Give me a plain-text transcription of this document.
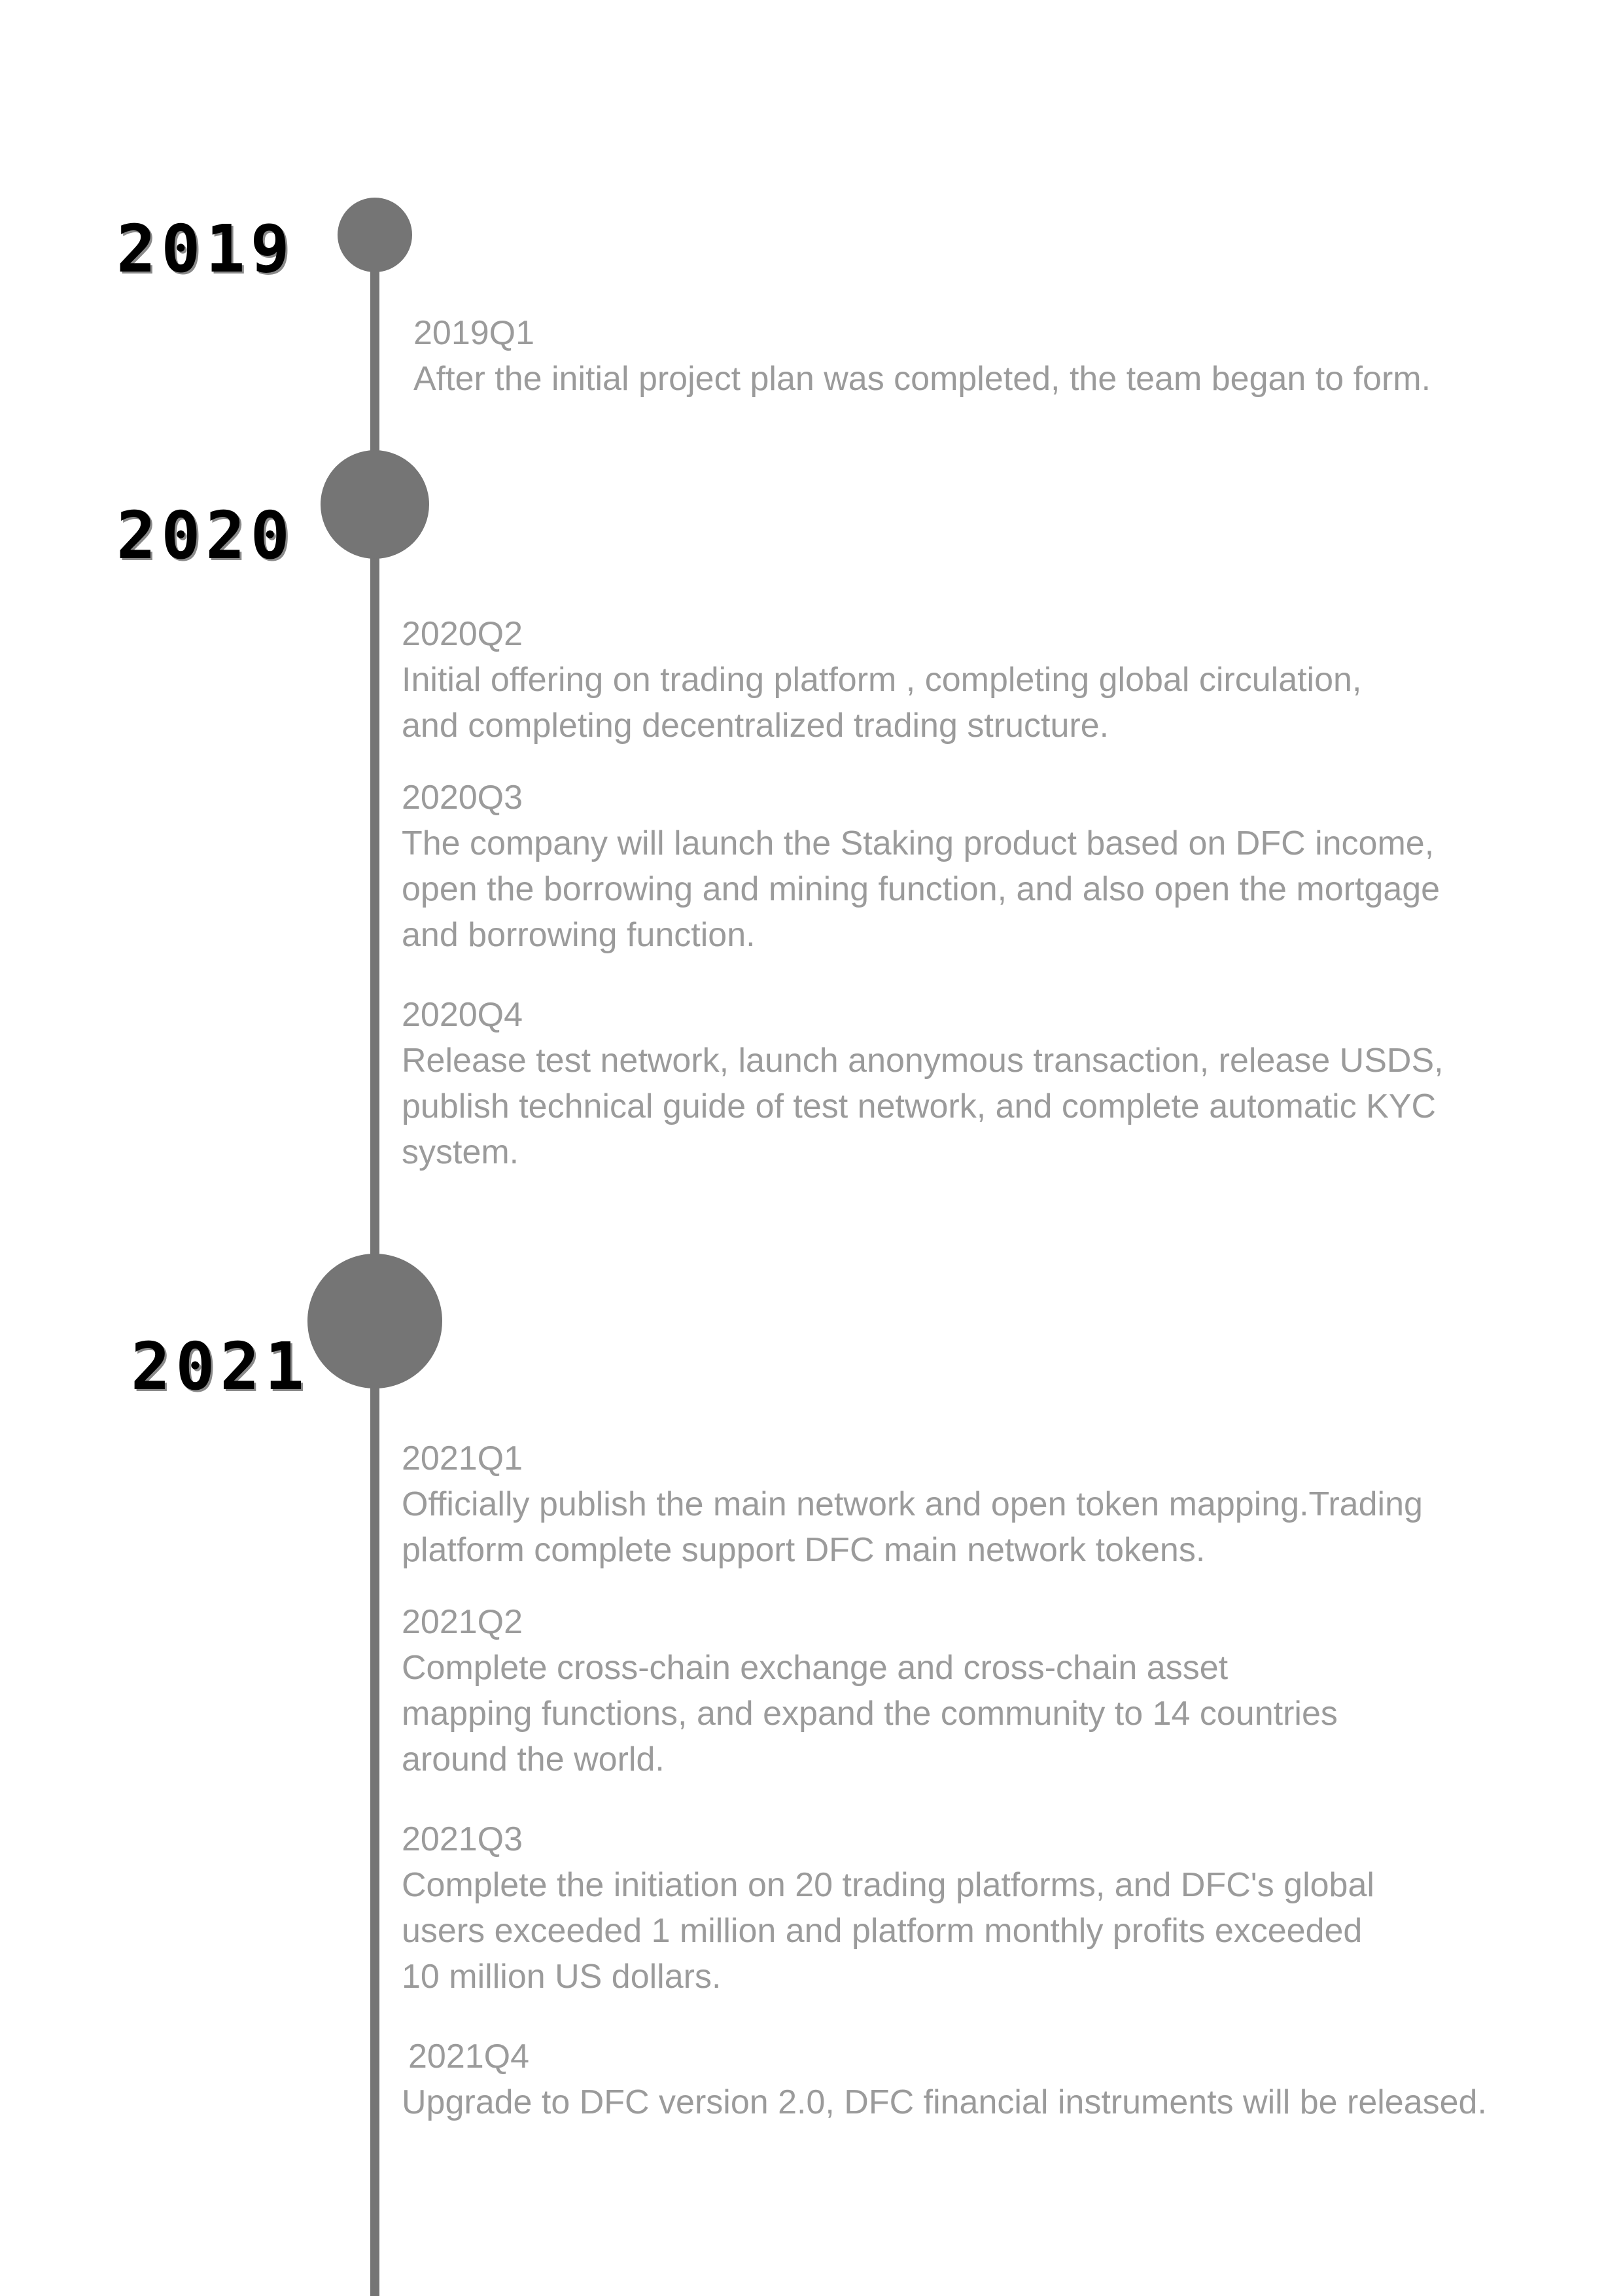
2019

2019Q1

After the initial project plan was completed, the team began to form.

2020

2020Q2

Initial offering on trading platform , completing global circulation,
and completing decentralized trading structure.

2020Q3

The company will launch the Staking product based on DFC income,
open the borrowing and mining function, and also open the mortgage
and borrowing function.

2020Q4

Release test network, launch anonymous transaction, release USDS,
publish technical guide of test network, and complete automatic KYC
system.

2021

2021Q1

Officially publish the main network and open token mapping.Trading
platform complete support DFC main network tokens.

2021Q2

Complete cross-chain exchange and cross-chain asset
mapping functions, and expand the community to 14 countries
around the world.

2021Q3

Complete the initiation on 20 trading platforms, and DFC's global
users exceeded 1 million and platform monthly profits exceeded
10 million US dollars.

2021Q4

Upgrade to DFC version 2.0, DFC financial instruments will be released.
